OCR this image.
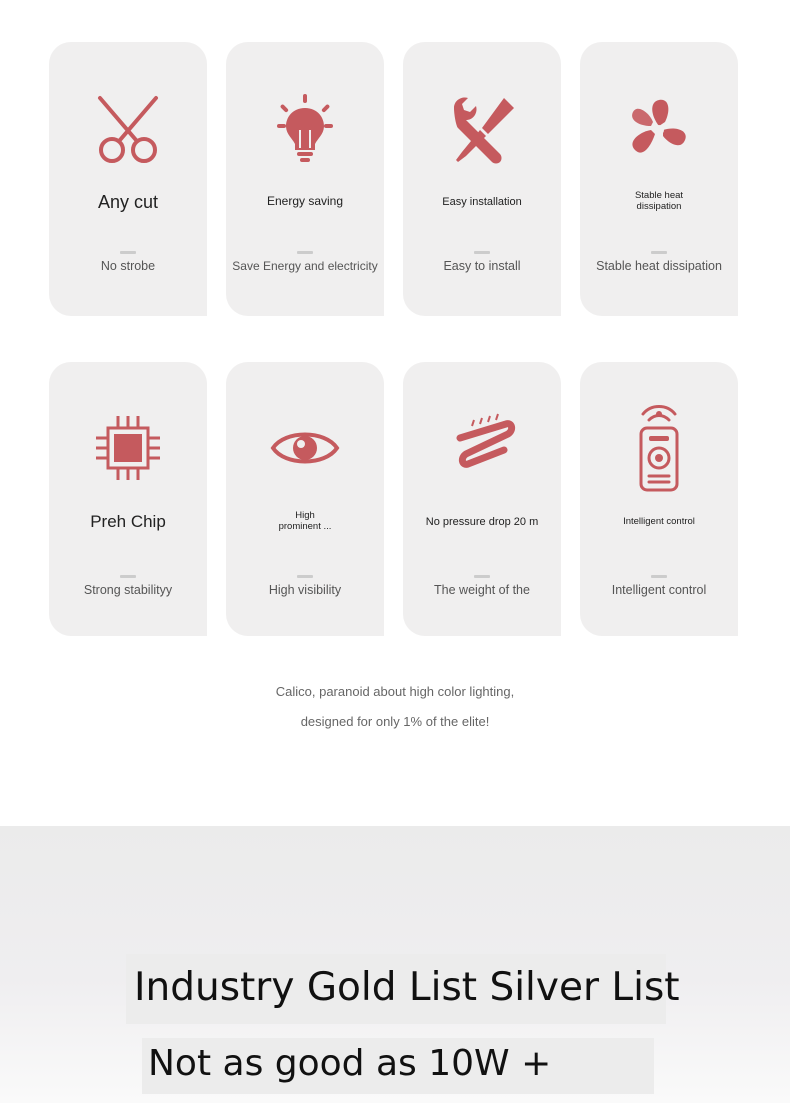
Any cut
No strobe
Energy saving
Save Energy and electricity
Easy installation
Easy to install
Stable heat
dissipation
Stable heat dissipation
Preh Chip
Strong stabilityy
High
prominent ...
High visibility
No pressure drop 20 m
The weight of the
Intelligent control
Intelligent control
Calico, paranoid about high color lighting,
designed for only 1% of the elite!
Industry Gold List Silver List
Not as good as 10W +
